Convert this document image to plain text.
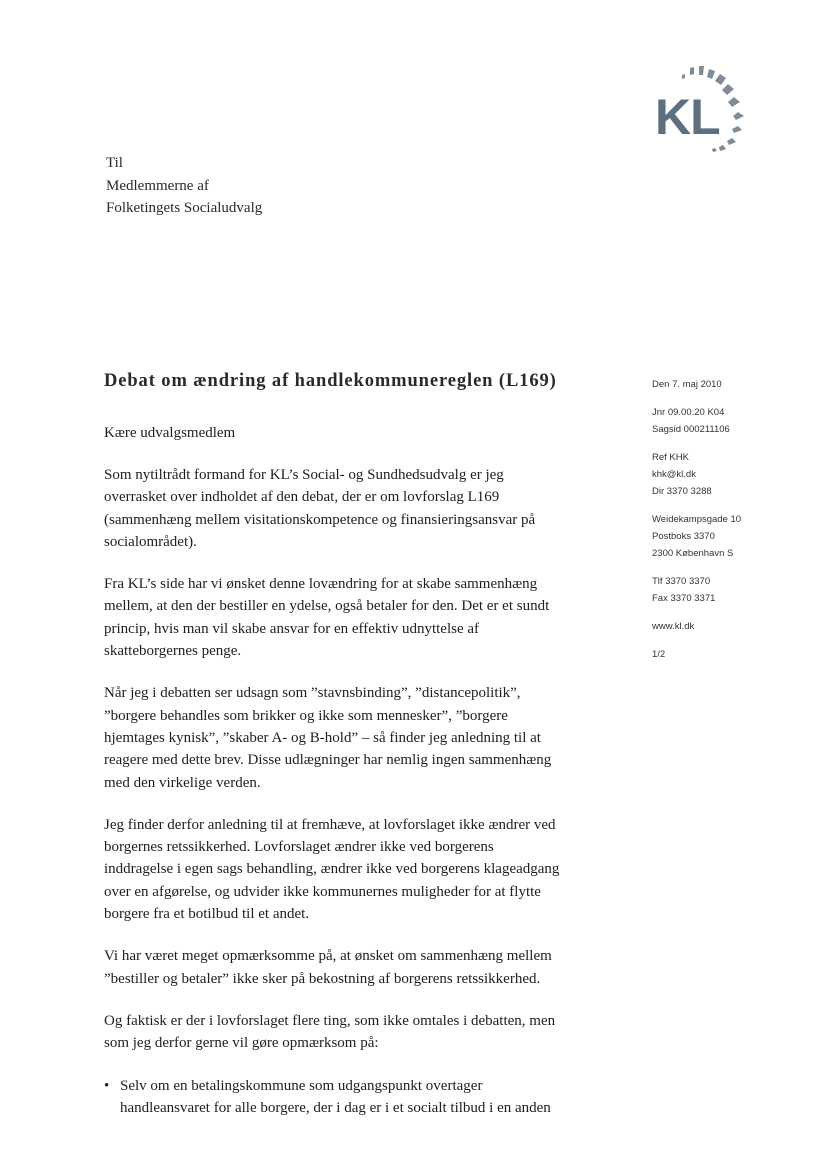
KL
Til
Medlemmerne af
Folketingets Socialudvalg
Debat om ændring af handlekommunereglen (L169)
Kære udvalgsmedlem

Som nytiltrådt formand for KL’s Social- og Sundhedsudvalg er jeg
overrasket over indholdet af den debat, der er om lovforslag L169
(sammenhæng mellem visitationskompetence og finansieringsansvar på
socialområdet).

Fra KL’s side har vi ønsket denne lovændring for at skabe sammenhæng
mellem, at den der bestiller en ydelse, også betaler for den. Det er et sundt
princip, hvis man vil skabe ansvar for en effektiv udnyttelse af
skatteborgernes penge.

Når jeg i debatten ser udsagn som ”stavnsbinding”, ”distancepolitik”,
”borgere behandles som brikker og ikke som mennesker”, ”borgere
hjemtages kynisk”, ”skaber A- og B-hold” – så finder jeg anledning til at
reagere med dette brev. Disse udlægninger har nemlig ingen sammenhæng
med den virkelige verden.

Jeg finder derfor anledning til at fremhæve, at lovforslaget ikke ændrer ved
borgernes retssikkerhed. Lovforslaget ændrer ikke ved borgerens
inddragelse i egen sags behandling, ændrer ikke ved borgerens klageadgang
over en afgørelse, og udvider ikke kommunernes muligheder for at flytte
borgere fra et botilbud til et andet.

Vi har været meget opmærksomme på, at ønsket om sammenhæng mellem
”bestiller og betaler” ikke sker på bekostning af borgerens retssikkerhed.

Og faktisk er der i lovforslaget flere ting, som ikke omtales i debatten, men
som jeg derfor gerne vil gøre opmærksom på:

• Selv om en betalingskommune som udgangspunkt overtager
handleansvaret for alle borgere, der i dag er i et socialt tilbud i en anden
Den 7. maj 2010
Jnr 09.00.20 K04
Sagsid 000211106
Ref KHK
khk@kl.dk
Dir 3370 3288
Weidekampsgade 10
Postboks 3370
2300 København S
Tlf 3370 3370
Fax 3370 3371
www.kl.dk
1/2
